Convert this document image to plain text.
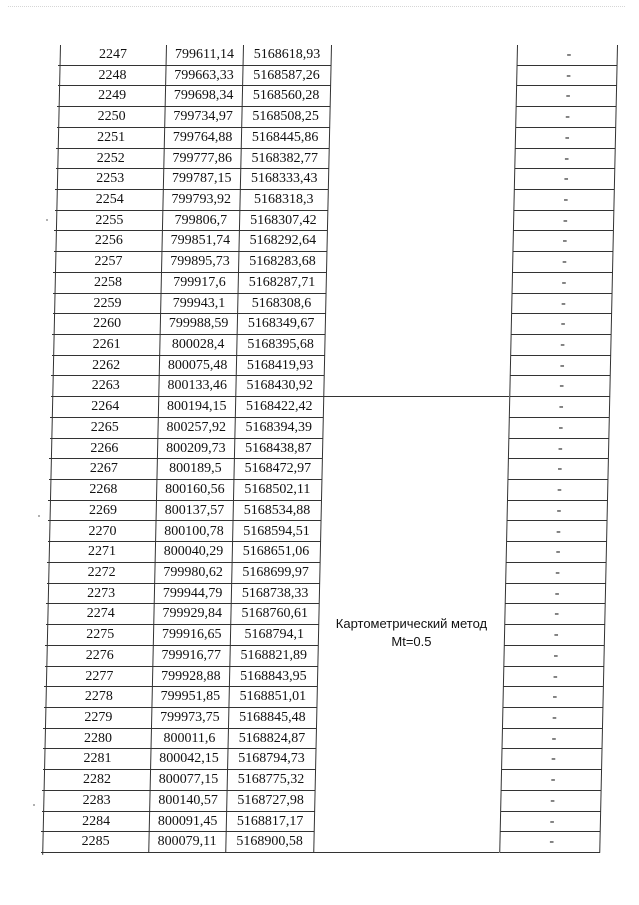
2247	799611,14	5168618,93	-
2248	799663,33	5168587,26	-
2249	799698,34	5168560,28	-
2250	799734,97	5168508,25	-
2251	799764,88	5168445,86	-
2252	799777,86	5168382,77	-
2253	799787,15	5168333,43	-
2254	799793,92	5168318,3	-
2255	799806,7	5168307,42	-
2256	799851,74	5168292,64	-
2257	799895,73	5168283,68	-
2258	799917,6	5168287,71	-
2259	799943,1	5168308,6	-
2260	799988,59	5168349,67	-
2261	800028,4	5168395,68	-
2262	800075,48	5168419,93	-
2263	800133,46	5168430,92	-
2264	800194,15	5168422,42	-
2265	800257,92	5168394,39	-
2266	800209,73	5168438,87	-
2267	800189,5	5168472,97	-
2268	800160,56	5168502,11	-
2269	800137,57	5168534,88	-
2270	800100,78	5168594,51	-
2271	800040,29	5168651,06	-
2272	799980,62	5168699,97	-
2273	799944,79	5168738,33	-
2274	799929,84	5168760,61	-
2275	799916,65	5168794,1	-
2276	799916,77	5168821,89	-
2277	799928,88	5168843,95	-
2278	799951,85	5168851,01	-
2279	799973,75	5168845,48	-
2280	800011,6	5168824,87	-
2281	800042,15	5168794,73	-
2282	800077,15	5168775,32	-
2283	800140,57	5168727,98	-
2284	800091,45	5168817,17	-
2285	800079,11	5168900,58	-
Картометрический метод
Mt=0.5
